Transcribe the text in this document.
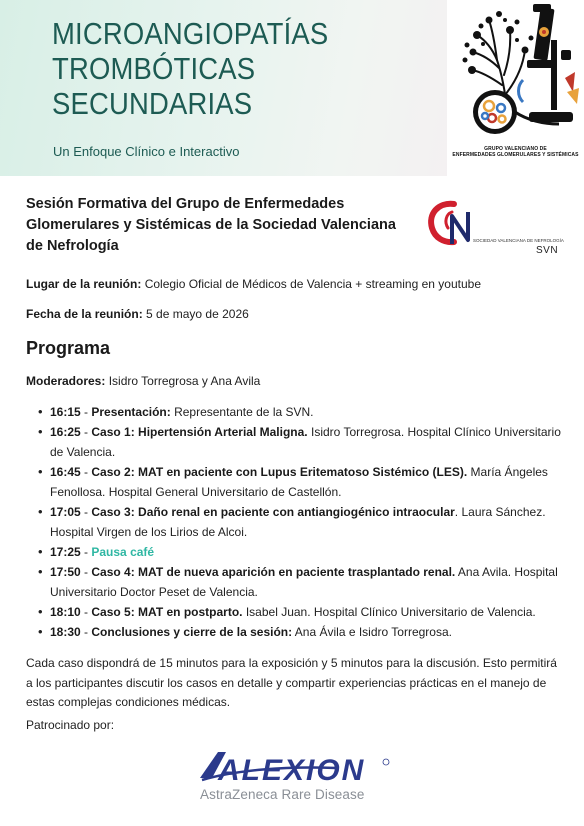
MICROANGIOPATÍAS
TROMBÓTICAS
SECUNDARIAS
Un Enfoque Clínico e Interactivo	GRUPO VALENCIANO DE
ENFERMEDADES GLOMERULARES Y SISTÉMICAS
Sesión Formativa del Grupo de Enfermedades Glomerulares y Sistémicas de la Sociedad Valenciana de Nefrología	SOCIEDAD VALENCIANA DE NEFROLOGÍA
SVN
Lugar de la reunión: Colegio Oficial de Médicos de Valencia + streaming en youtube
Fecha de la reunión: 5 de mayo de 2026
Programa
Moderadores: Isidro Torregrosa y Ana Avila
• 16:15 - Presentación: Representante de la SVN.
• 16:25 - Caso 1: Hipertensión Arterial Maligna. Isidro Torregrosa. Hospital Clínico Universitario de Valencia.
• 16:45 - Caso 2: MAT en paciente con Lupus Eritematoso Sistémico (LES). María Ángeles Fenollosa. Hospital General Universitario de Castellón.
• 17:05 - Caso 3: Daño renal en paciente con antiangiogénico intraocular. Laura Sánchez. Hospital Virgen de los Lirios de Alcoi.
• 17:25 - Pausa café
• 17:50 - Caso 4: MAT de nueva aparición en paciente trasplantado renal. Ana Avila. Hospital Universitario Doctor Peset de Valencia.
• 18:10 - Caso 5: MAT en postparto. Isabel Juan. Hospital Clínico Universitario de Valencia.
• 18:30 - Conclusiones y cierre de la sesión: Ana Ávila e Isidro Torregrosa.
Cada caso dispondrá de 15 minutos para la exposición y 5 minutos para la discusión. Esto permitirá a los participantes discutir los casos en detalle y compartir experiencias prácticas en el manejo de estas complejas condiciones médicas.
Patrocinado por:
ALEXION
AstraZeneca Rare Disease
